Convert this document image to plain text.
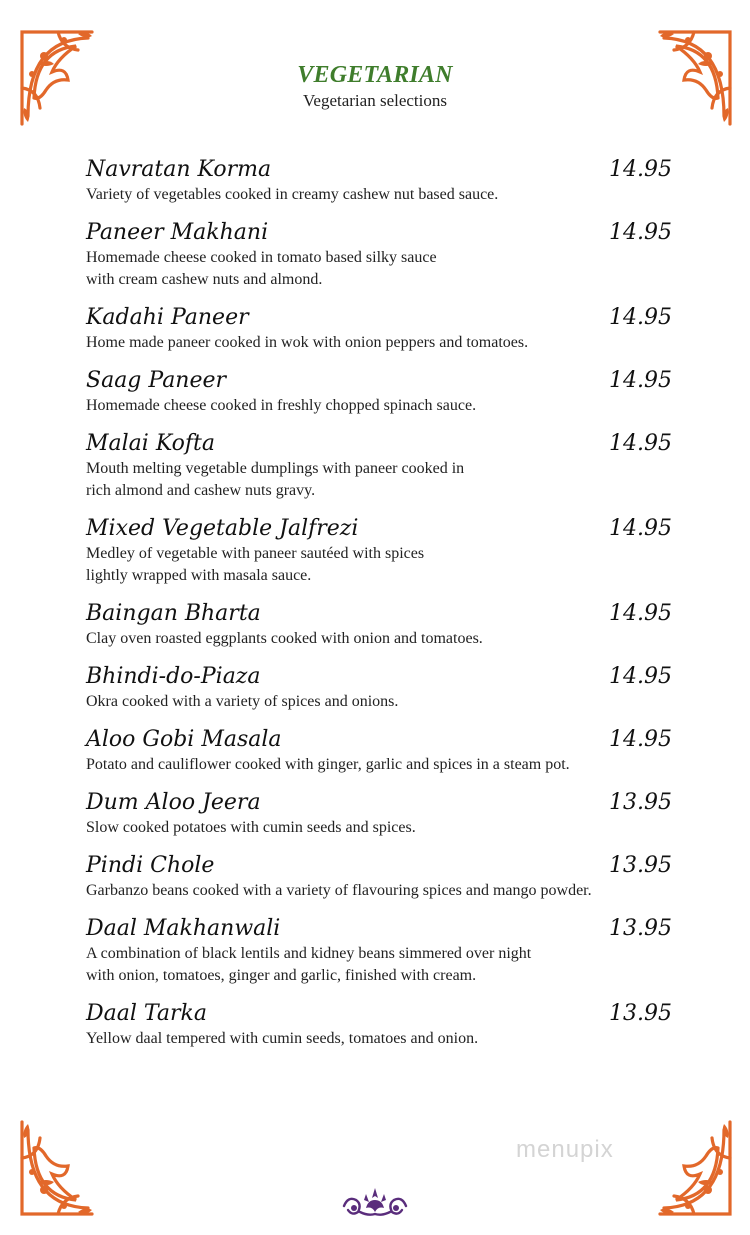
VEGETARIAN
Vegetarian selections
Navratan Korma	14.95
Variety of vegetables cooked in creamy cashew nut based sauce.
Paneer Makhani	14.95
Homemade cheese cooked in tomato based silky sauce
with cream cashew nuts and almond.
Kadahi Paneer	14.95
Home made paneer cooked in wok with onion peppers and tomatoes.
Saag Paneer	14.95
Homemade cheese cooked in freshly chopped spinach sauce.
Malai Kofta	14.95
Mouth melting vegetable dumplings with paneer cooked in
rich almond and cashew nuts gravy.
Mixed Vegetable Jalfrezi	14.95
Medley of vegetable with paneer sautéed with spices
lightly wrapped with masala sauce.
Baingan Bharta	14.95
Clay oven roasted eggplants cooked with onion and tomatoes.
Bhindi-do-Piaza	14.95
Okra cooked with a variety of spices and onions.
Aloo Gobi Masala	14.95
Potato and cauliflower cooked with ginger, garlic and spices in a steam pot.
Dum Aloo Jeera	13.95
Slow cooked potatoes with cumin seeds and spices.
Pindi Chole	13.95
Garbanzo beans cooked with a variety of flavouring spices and mango powder.
Daal Makhanwali	13.95
A combination of black lentils and kidney beans simmered over night
with onion, tomatoes, ginger and garlic, finished with cream.
Daal Tarka	13.95
Yellow daal tempered with cumin seeds, tomatoes and onion.
menupix
